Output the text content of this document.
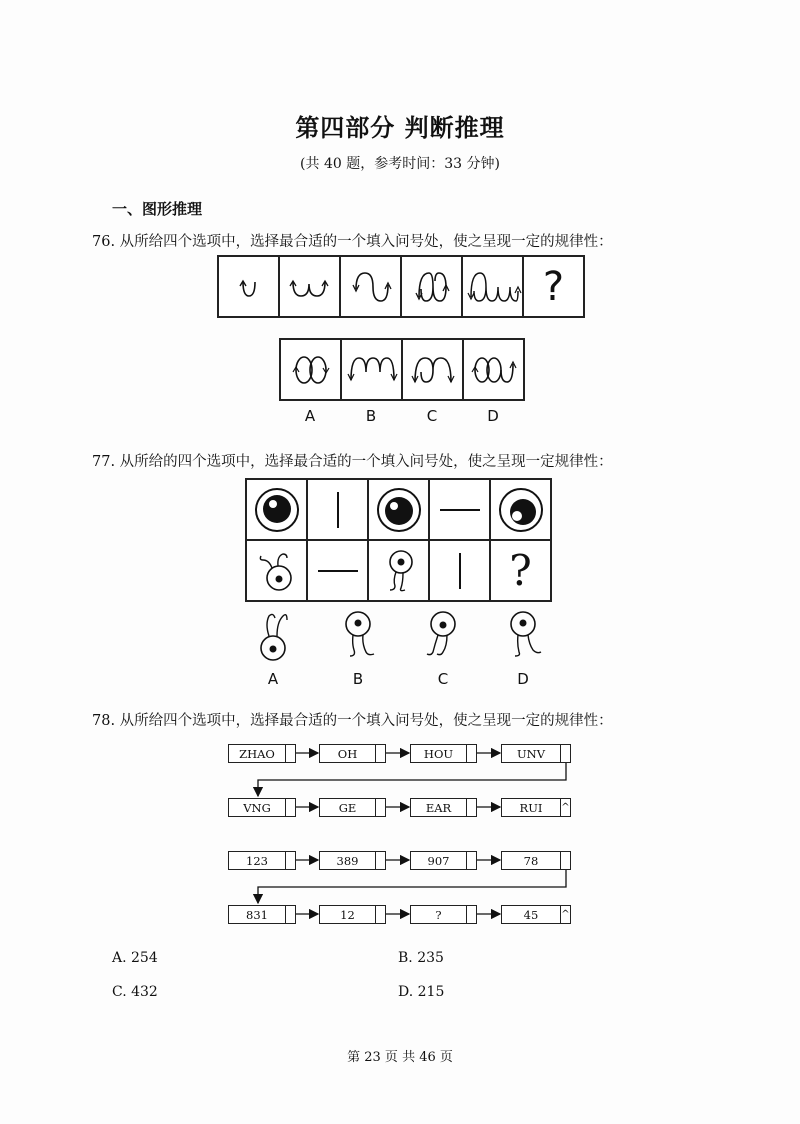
第四部分 判断推理
(共 40 题，参考时间：33 分钟)
一、图形推理
76. 从所给四个选项中，选择最合适的一个填入问号处，使之呈现一定的规律性：
?
A	B	C	D
77. 从所给的四个选项中，选择最合适的一个填入问号处，使之呈现一定规律性：
?
A	B	C	D
78. 从所给四个选项中，选择最合适的一个填入问号处，使之呈现一定的规律性：
ZHAO	OH	HOU	UNV
VNG	GE	EAR	RUI	^
123	389	907	78
831	12	?	45	^
A. 254	B. 235
C. 432	D. 215
第 23 页 共 46 页
